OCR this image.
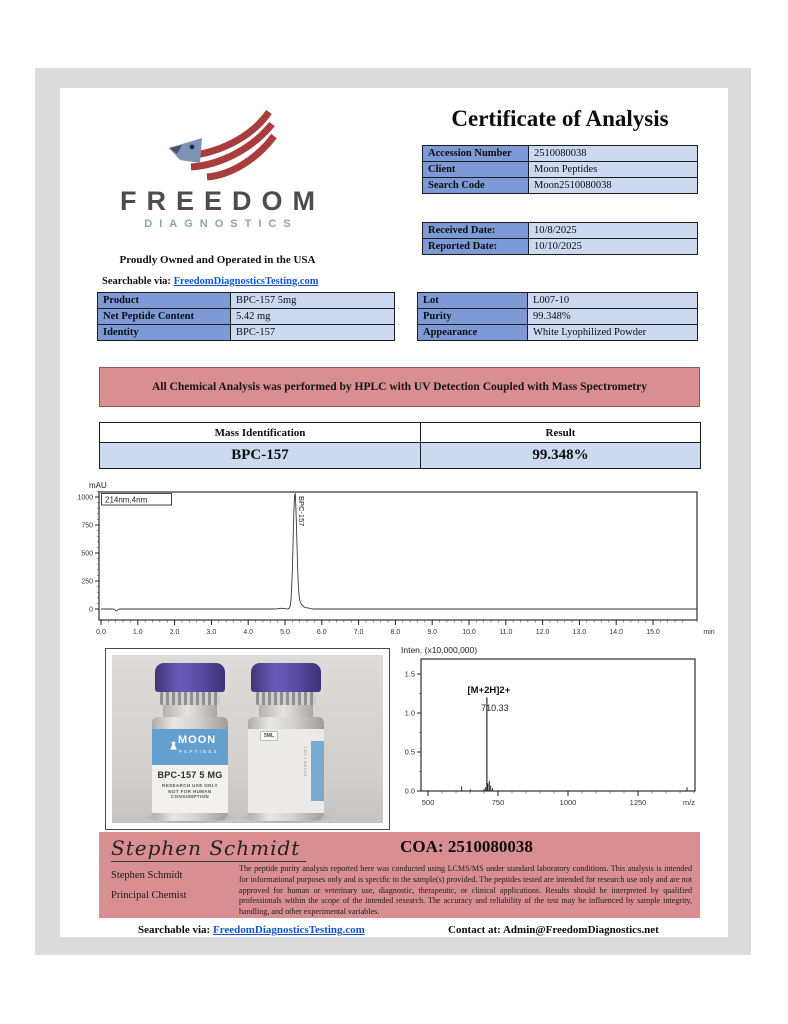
FREEDOM
DIAGNOSTICS
Proudly Owned and Operated in the USA
Searchable via: FreedomDiagnosticsTesting.com
Certificate of Analysis
Accession Number	2510080038
Client	Moon Peptides
Search Code	Moon2510080038
Received Date:	10/8/2025
Reported Date:	10/10/2025
Product	BPC-157 5mg
Net Peptide Content	5.42 mg
Identity	BPC-157
Lot	L007-10
Purity	99.348%
Appearance	White Lyophilized Powder
All Chemical Analysis was performed by HPLC with UV Detection Coupled with Mass Spectrometry
Mass Identification	Result
BPC-157	99.348%
mAU
0
250
500
750
1000
0.0	1.0	2.0	3.0	4.0	5.0	6.0	7.0	8.0	9.0	10.0	11.0	12.0	13.0	14.0	15.0	min
BPC-157
214nm,4nm
MOON
PEPTIDES
BPC-157 5 MG
RESEARCH USE ONLY
NOT FOR HUMAN CONSUMPTION
5ML
LOT / BATCH
Inten. (x10,000,000)
0.0
0.5
1.0
1.5
500	750	1000	1250	m/z
[M+2H]2+
710.33
Stephen Schmidt
Stephen Schmidt
Principal Chemist
COA: 2510080038
The peptide purity analysis reported here was conducted using LCMS/MS under standard laboratory conditions. This analysis is intended for informational purposes only and is specific to the sample(s) provided. The peptides tested are intended for research use only and are not approved for human or veterinary use, diagnostic, therapeutic, or clinical applications. Results should be interpreted by qualified professionals within the scope of the intended research. The accuracy and reliability of the test may be influenced by sample integrity, handling, and other experimental variables.
Searchable via: FreedomDiagnosticsTesting.com	Contact at: Admin@FreedomDiagnostics.net
